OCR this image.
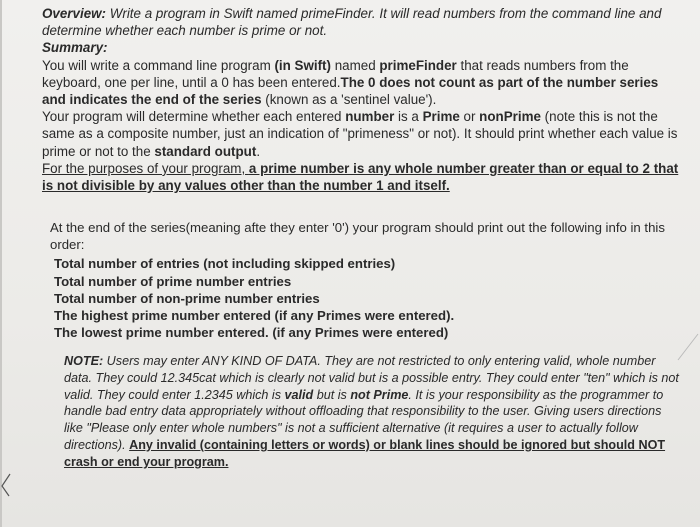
Overview: Write a program in Swift named primeFinder. It will read numbers from the command line and determine whether each number is prime or not.
Summary:
You will write a command line program (in Swift) named primeFinder that reads numbers from the keyboard, one per line, until a 0 has been entered.The 0 does not count as part of the number series and indicates the end of the series (known as a 'sentinel value').
Your program will determine whether each entered number is a Prime or nonPrime (note this is not the same as a composite number, just an indication of "primeness" or not). It should print whether each value is prime or not to the standard output.
For the purposes of your program, a prime number is any whole number greater than or equal to 2 that is not divisible by any values other than the number 1 and itself.
At the end of the series(meaning afte they enter '0') your program should print out the following info in this order:
Total number of entries (not including skipped entries)
Total number of prime number entries
Total number of non-prime number entries
The highest prime number entered (if any Primes were entered).
The lowest prime number entered. (if any Primes were entered)
NOTE: Users may enter ANY KIND OF DATA. They are not restricted to only entering valid, whole number data. They could 12.345cat which is clearly not valid but is a possible entry. They could enter "ten" which is not valid. They could enter 1.2345 which is valid but is not Prime. It is your responsibility as the programmer to handle bad entry data appropriately without offloading that responsibility to the user. Giving users directions like "Please only enter whole numbers" is not a sufficient alternative (it requires a user to actually follow directions). Any invalid (containing letters or words) or blank lines should be ignored but should NOT crash or end your program.
